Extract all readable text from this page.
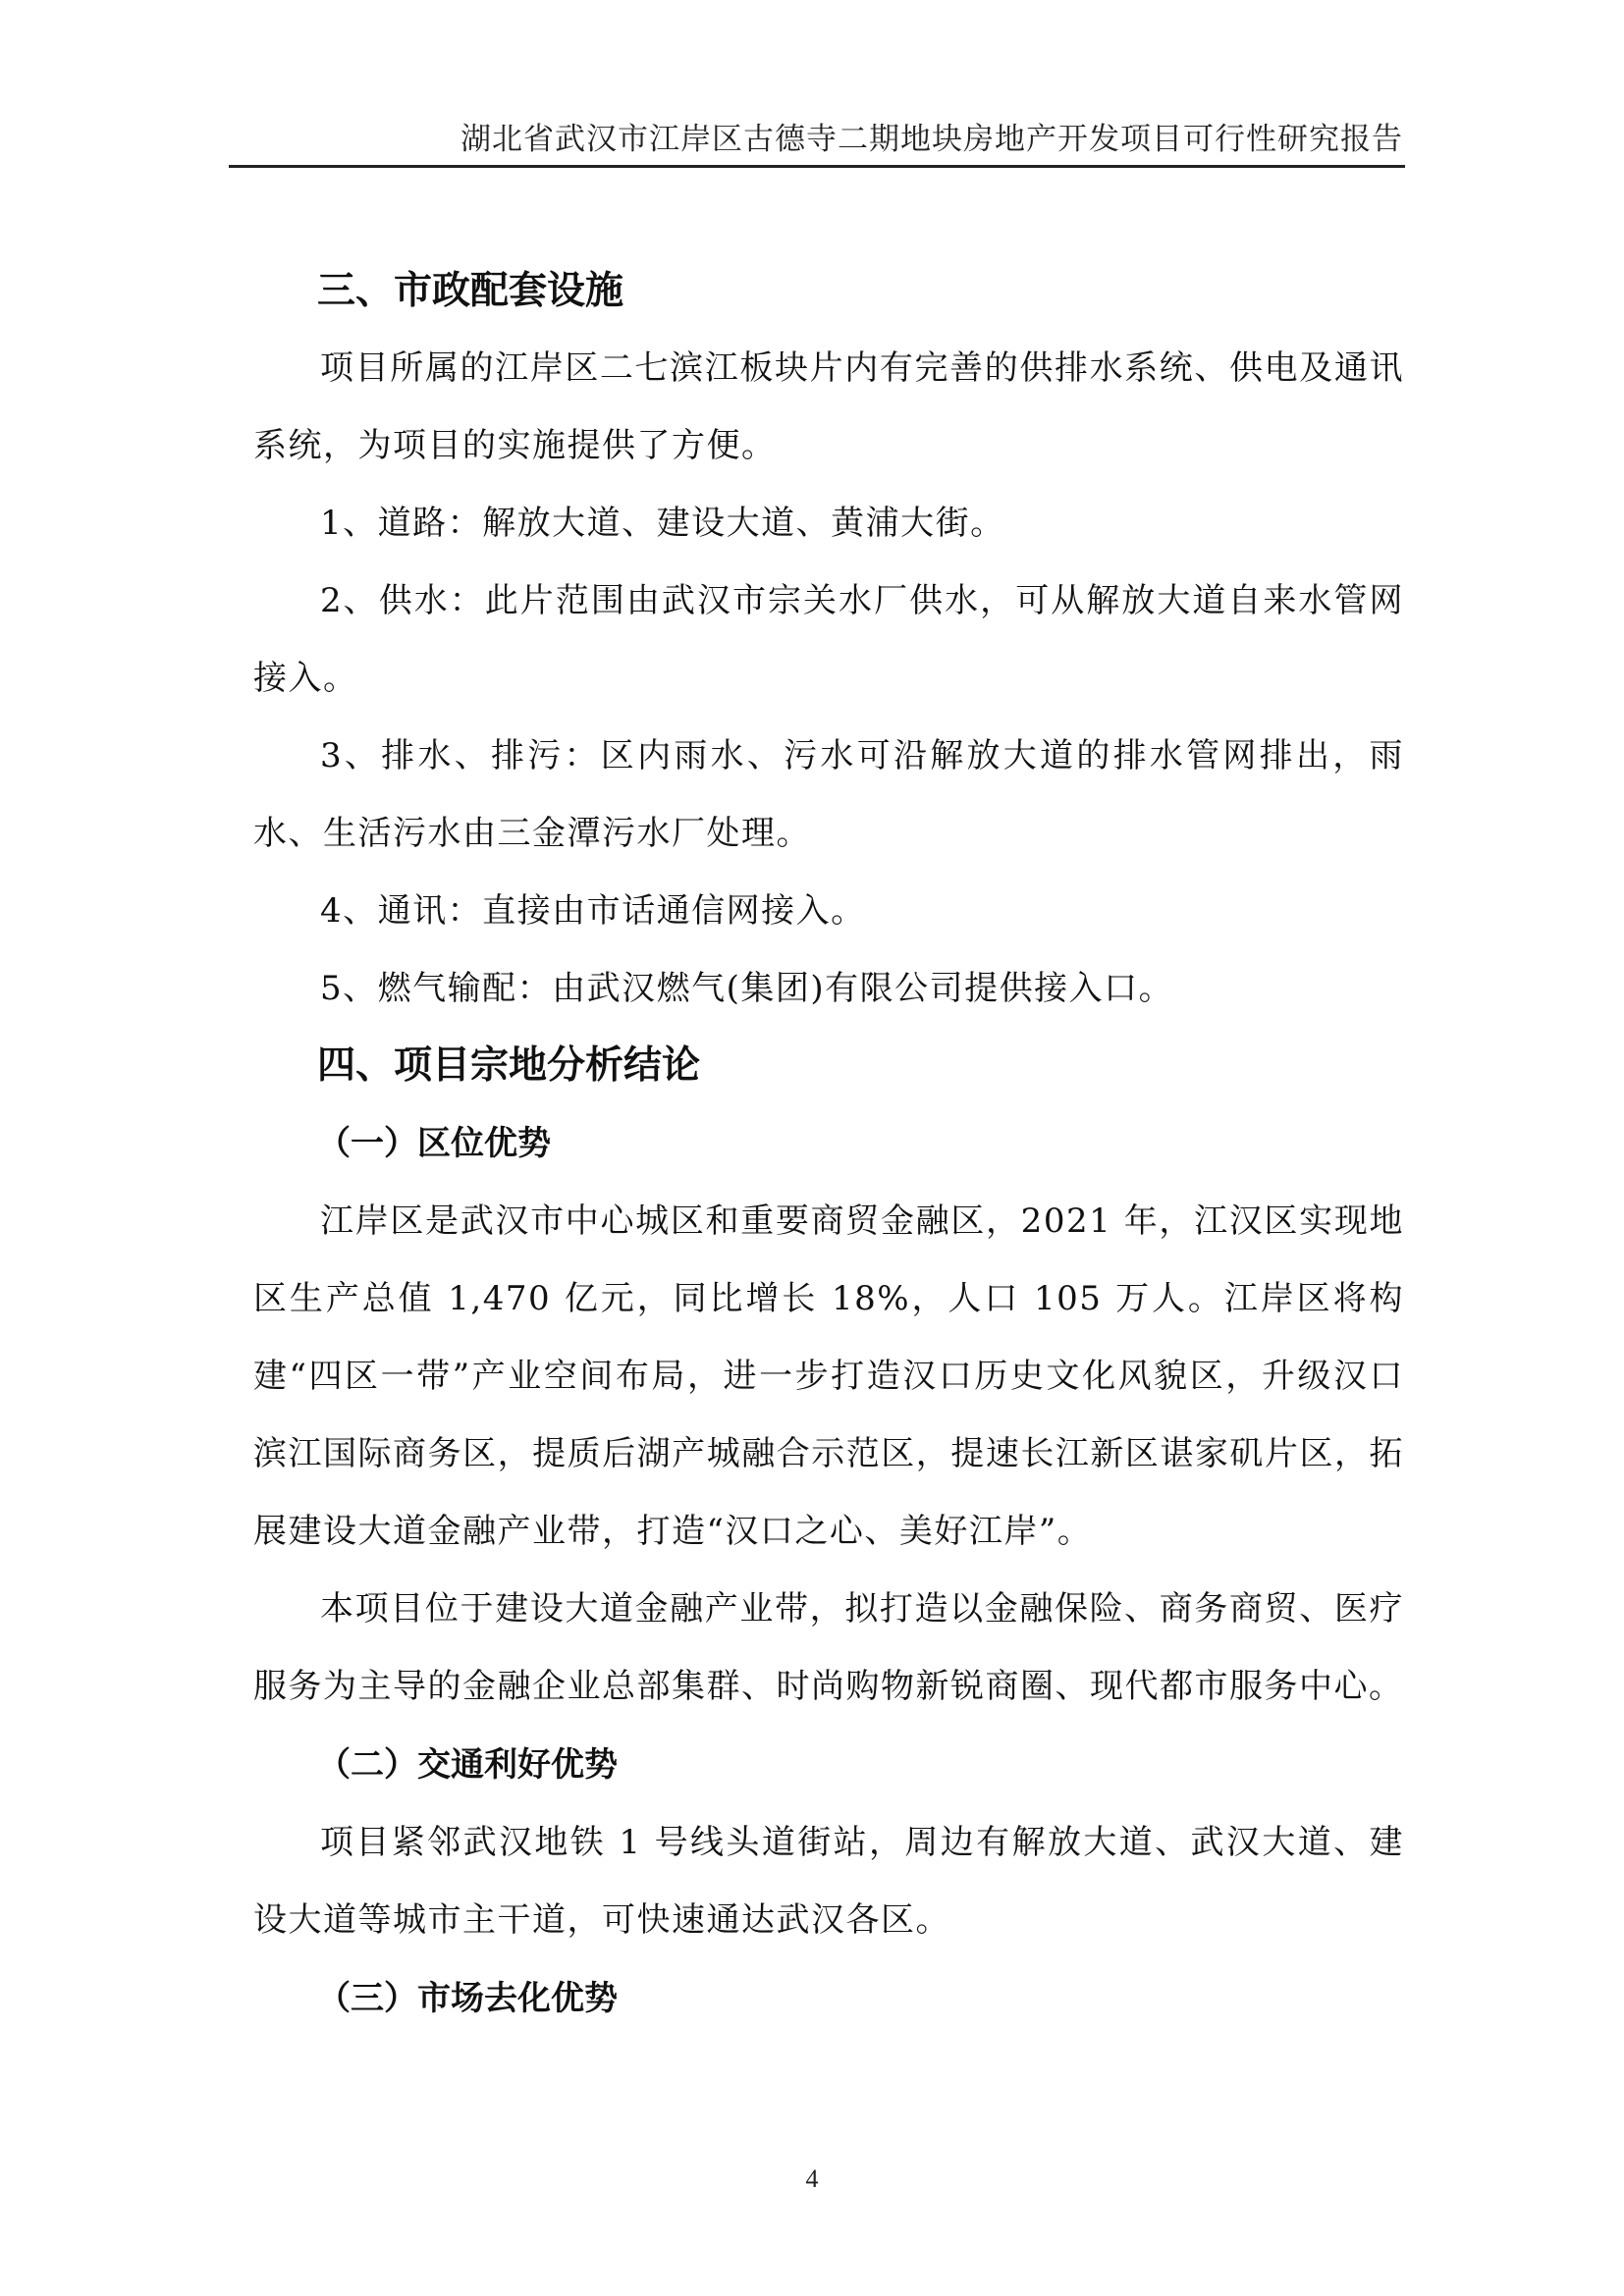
湖北省武汉市江岸区古德寺二期地块房地产开发项目可行性研究报告
三、市政配套设施

项目所属的江岸区二七滨江板块片内有完善的供排水系统、供电及通讯系统，为项目的实施提供了方便。

1、道路：解放大道、建设大道、黄浦大街。

2、供水：此片范围由武汉市宗关水厂供水，可从解放大道自来水管网接入。

3、排水、排污：区内雨水、污水可沿解放大道的排水管网排出，雨水、生活污水由三金潭污水厂处理。

4、通讯：直接由市话通信网接入。

5、燃气输配：由武汉燃气(集团)有限公司提供接入口。

四、项目宗地分析结论
（一）区位优势

江岸区是武汉市中心城区和重要商贸金融区，2021 年，江汉区实现地区生产总值 1,470 亿元，同比增长 18%，人口 105 万人。江岸区将构建“四区一带”产业空间布局，进一步打造汉口历史文化风貌区，升级汉口滨江国际商务区，提质后湖产城融合示范区，提速长江新区谌家矶片区，拓展建设大道金融产业带，打造“汉口之心、美好江岸”。

本项目位于建设大道金融产业带，拟打造以金融保险、商务商贸、医疗服务为主导的金融企业总部集群、时尚购物新锐商圈、现代都市服务中心。

（二）交通利好优势

项目紧邻武汉地铁 1 号线头道街站，周边有解放大道、武汉大道、建设大道等城市主干道，可快速通达武汉各区。

（三）市场去化优势
4
